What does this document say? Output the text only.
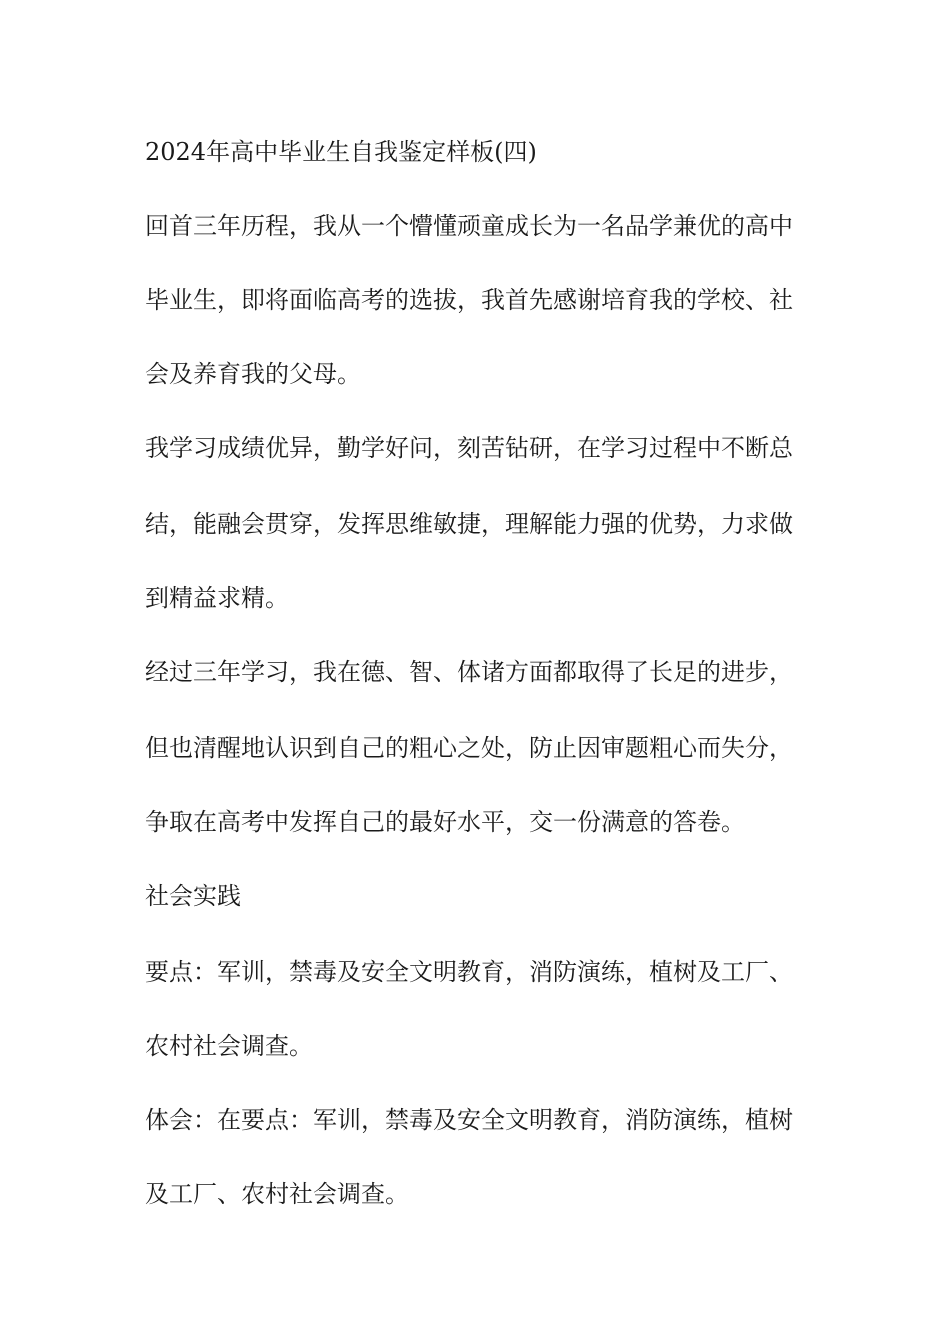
2024年高中毕业生自我鉴定样板(四)
回首三年历程，我从一个懵懂顽童成长为一名品学兼优的高中
毕业生，即将面临高考的选拔，我首先感谢培育我的学校、社
会及养育我的父母。
我学习成绩优异，勤学好问，刻苦钻研，在学习过程中不断总
结，能融会贯穿，发挥思维敏捷，理解能力强的优势，力求做
到精益求精。
经过三年学习，我在德、智、体诸方面都取得了长足的进步，
但也清醒地认识到自己的粗心之处，防止因审题粗心而失分，
争取在高考中发挥自己的最好水平，交一份满意的答卷。
社会实践
要点：军训，禁毒及安全文明教育，消防演练，植树及工厂、
农村社会调查。
体会：在要点：军训，禁毒及安全文明教育，消防演练，植树
及工厂、农村社会调查。
